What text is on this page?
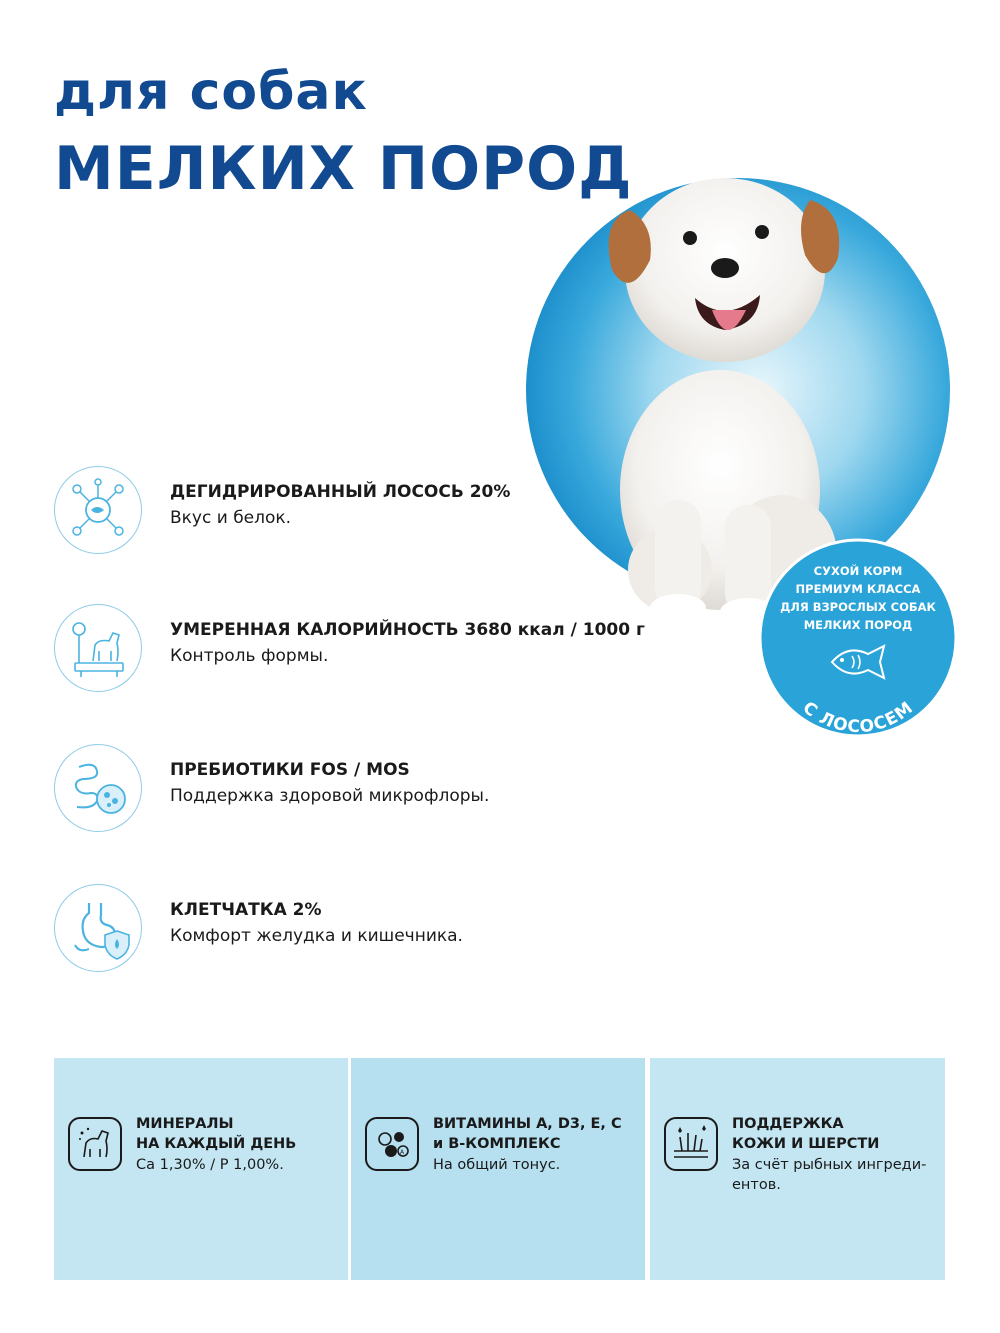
для собак
МЕЛКИХ ПОРОД
СУХОЙ КОРМ
ПРЕМИУМ КЛАССА
ДЛЯ ВЗРОСЛЫХ СОБАК
МЕЛКИХ ПОРОД
С ЛОСОСЕМ
ДЕГИДРИРОВАННЫЙ ЛОСОСЬ 20%
Вкус и белок.
УМЕРЕННАЯ КАЛОРИЙНОСТЬ 3680 ккал / 1000 г
Контроль формы.
ПРЕБИОТИКИ FOS / MOS
Поддержка здоровой микрофлоры.
КЛЕТЧАТКА 2%
Комфорт желудка и кишечника.
МИНЕРАЛЫ
НА КАЖДЫЙ ДЕНЬ
Ca 1,30% / P 1,00%.
A
ВИТАМИНЫ А, D3, Е, С
и В-КОМПЛЕКС
На общий тонус.
ПОДДЕРЖКА
КОЖИ И ШЕРСТИ
За счёт рыбных ингреди-ентов.
